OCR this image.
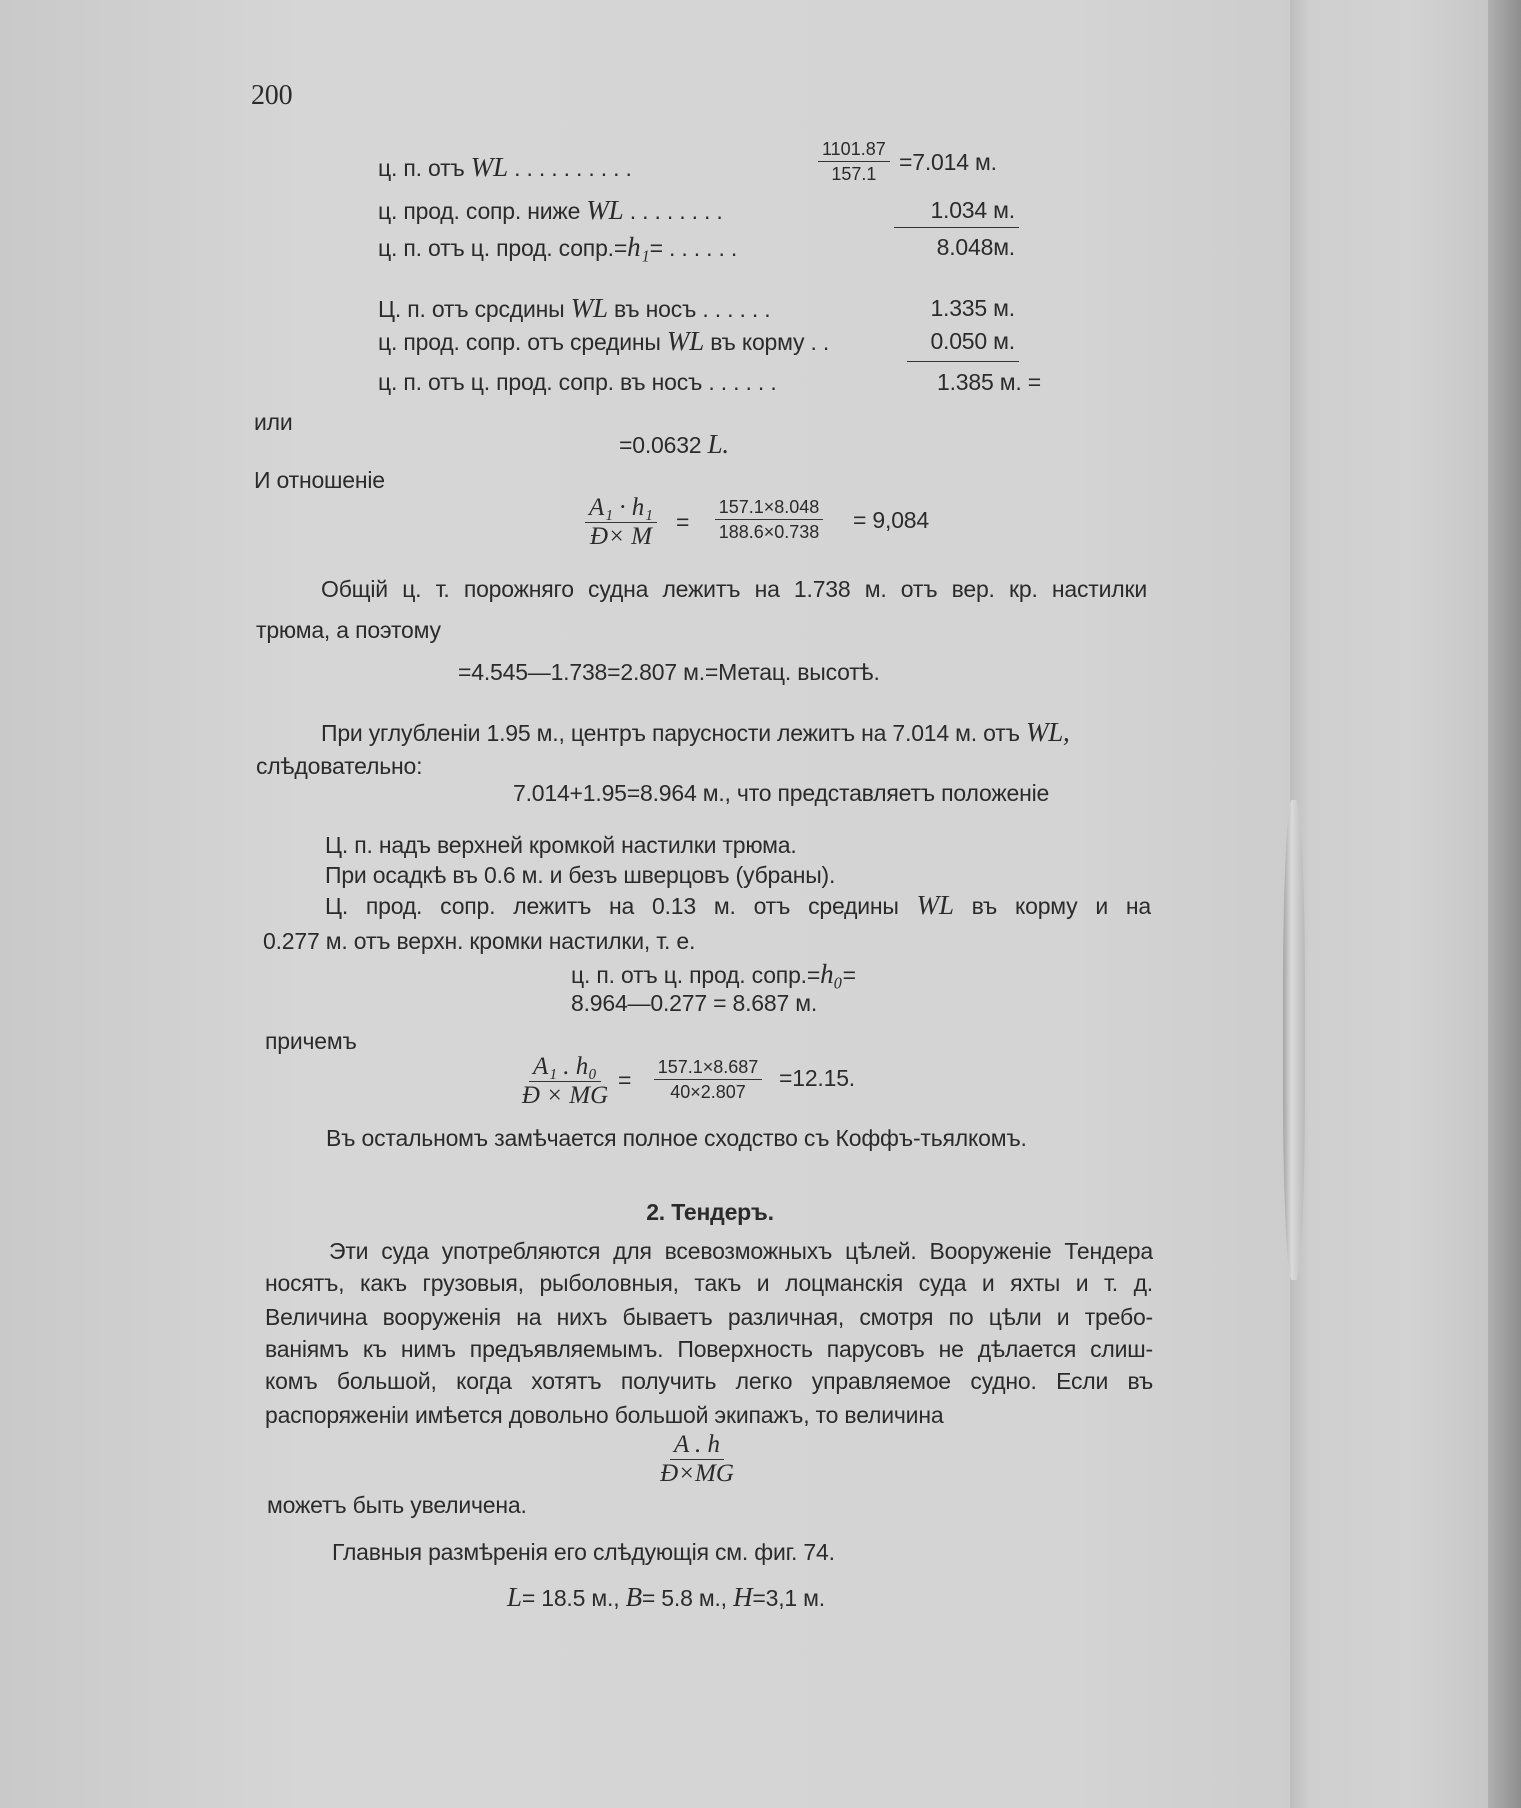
200
ц. п. отъ WL . . . . . . . . . .	$\frac{1101.87}{157.1} =7.014$ м.
ц. прод. сопр. ниже WL . . . . . . . .	1.034 м.
ц. п. отъ ц. прод. сопр.=h₁= . . . . . .	8.048м.
Ц. п. отъ срсдины WL въ носъ . . . . . .	1.335 м.
ц. прод. сопр. отъ средины WL въ корму . .	0.050 м.
ц. п. отъ ц. прод. сопр. въ носъ . . . . . .	1.385 м. =
или
=0.0632 L.
И отношеніе
$\frac{\text{A₁ · h₁}}{Ɖ\times M} = \frac{157.1\times 8.048}{188.6\times 0.738} = 9,084$
Общій ц. т. порожняго судна лежитъ на 1.738 м. отъ вер. кр. настилки
трюма, а поэтому
=4.545—1.738=2.807 м.=Метац. высотѣ.
При углубленіи 1.95 м., центръ парусности лежитъ на 7.014 м. отъ WL,
слѣдовательно:
7.014+1.95=8.964 м., что представляетъ положеніе
Ц. п. надъ верхней кромкой настилки трюма.
При осадкѣ въ 0.6 м. и безъ шверцовъ (убраны).
Ц. прод. сопр. лежитъ на 0.13 м. отъ средины WL въ корму и на
0.277 м. отъ верхн. кромки настилки, т. е.
ц. п. отъ ц. прод. сопр.=h₀=
8.964—0.277 = 8.687 м.
причемъ
$\frac{\text{A₁ . h₀}}{Ɖ \times MG} = \frac{157.1\times 8.687}{40\times 2.807} =12.15$.
Въ остальномъ замѣчается полное сходство съ Коффъ-тьялкомъ.
2. Тендеръ.
Эти суда употребляются для всевозможныхъ цѣлей. Вооруженіе Тендера
носятъ, какъ грузовыя, рыболовныя, такъ и лоцманскія суда и яхты и т. д.
Величина вооруженія на нихъ бываетъ различная, смотря по цѣли и требо-
ваніямъ къ нимъ предъявляемымъ. Поверхность парусовъ не дѣлается слиш-
комъ большой, когда хотятъ получить легко управляемое судно. Если въ
распоряженіи имѣется довольно большой экипажъ, то величина
$\frac{A . h}{Ɖ\times MG}$
можетъ быть увеличена.
Главныя размѣренія его слѣдующія см. фиг. 74.
L= 18.5 м., B= 5.8 м., H=3,1 м.
